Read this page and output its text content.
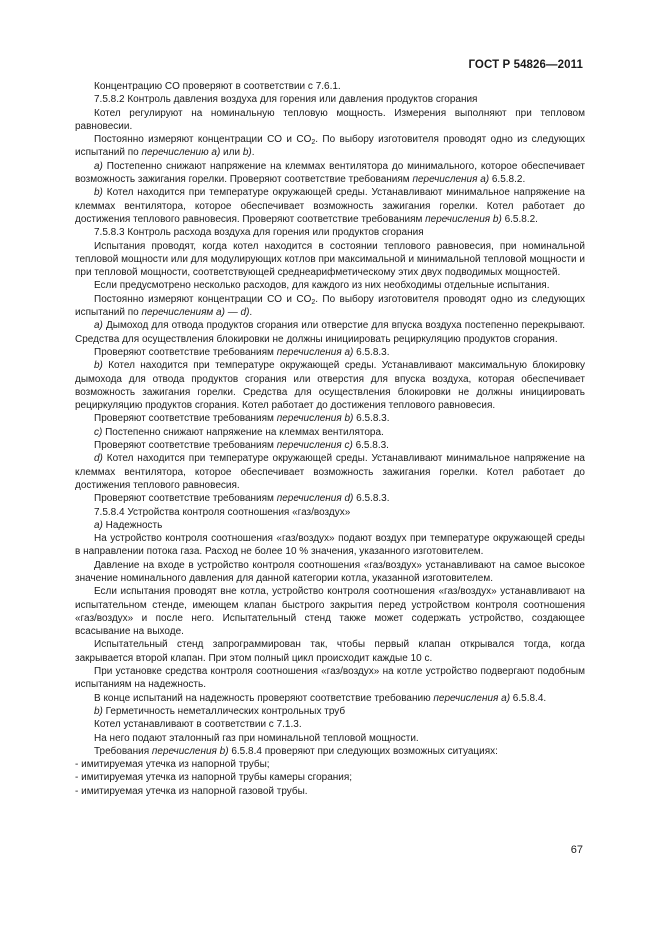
ГОСТ Р 54826—2011

Концентрацию CO проверяют в соответствии с 7.6.1.

7.5.8.2 Контроль давления воздуха для горения или давления продуктов сгорания

Котел регулируют на номинальную тепловую мощность. Измерения выполняют при тепловом равновесии.

Постоянно измеряют концентрации CO и $CO_2$. По выбору изготовителя проводят одно из следующих испытаний по перечислению а) или b).

а) Постепенно снижают напряжение на клеммах вентилятора до минимального, которое обеспечивает возможность зажигания горелки. Проверяют соответствие требованиям перечисления а) 6.5.8.2.

b) Котел находится при температуре окружающей среды. Устанавливают минимальное напряжение на клеммах вентилятора, которое обеспечивает возможность зажигания горелки. Котел работает до достижения теплового равновесия. Проверяют соответствие требованиям перечисления b) 6.5.8.2.

7.5.8.3 Контроль расхода воздуха для горения или продуктов сгорания

Испытания проводят, когда котел находится в состоянии теплового равновесия, при номинальной тепловой мощности или для модулирующих котлов при максимальной и минимальной тепловой мощности и при тепловой мощности, соответствующей среднеарифметическому этих двух подводимых мощностей.

Если предусмотрено несколько расходов, для каждого из них необходимы отдельные испытания.

Постоянно измеряют концентрации CO и $CO_2$. По выбору изготовителя проводят одно из следующих испытаний по перечислениям а) — d).

а) Дымоход для отвода продуктов сгорания или отверстие для впуска воздуха постепенно перекрывают. Средства для осуществления блокировки не должны инициировать рециркуляцию продуктов сгорания.

Проверяют соответствие требованиям перечисления а) 6.5.8.3.

b) Котел находится при температуре окружающей среды. Устанавливают максимальную блокировку дымохода для отвода продуктов сгорания или отверстия для впуска воздуха, которая обеспечивает возможность зажигания горелки. Средства для осуществления блокировки не должны инициировать рециркуляцию продуктов сгорания. Котел работает до достижения теплового равновесия.

Проверяют соответствие требованиям перечисления b) 6.5.8.3.

c) Постепенно снижают напряжение на клеммах вентилятора.

Проверяют соответствие требованиям перечисления c) 6.5.8.3.

d) Котел находится при температуре окружающей среды. Устанавливают минимальное напряжение на клеммах вентилятора, которое обеспечивает возможность зажигания горелки. Котел работает до достижения теплового равновесия.

Проверяют соответствие требованиям перечисления d) 6.5.8.3.

7.5.8.4 Устройства контроля соотношения «газ/воздух»

а) Надежность

На устройство контроля соотношения «газ/воздух» подают воздух при температуре окружающей среды в направлении потока газа. Расход не более 10 % значения, указанного изготовителем.

Давление на входе в устройство контроля соотношения «газ/воздух» устанавливают на самое высокое значение номинального давления для данной категории котла, указанной изготовителем.

Если испытания проводят вне котла, устройство контроля соотношения «газ/воздух» устанавливают на испытательном стенде, имеющем клапан быстрого закрытия перед устройством контроля соотношения «газ/воздух» и после него. Испытательный стенд также может содержать устройство, создающее всасывание на выходе.

Испытательный стенд запрограммирован так, чтобы первый клапан открывался тогда, когда закрывается второй клапан. При этом полный цикл происходит каждые 10 с.

При установке средства контроля соотношения «газ/воздух» на котле устройство подвергают подобным испытаниям на надежность.

В конце испытаний на надежность проверяют соответствие требованию перечисления а) 6.5.8.4.

b) Герметичность неметаллических контрольных труб

Котел устанавливают в соответствии с 7.1.3.

На него подают эталонный газ при номинальной тепловой мощности.

Требования перечисления b) 6.5.8.4 проверяют при следующих возможных ситуациях:

- имитируемая утечка из напорной трубы;

- имитируемая утечка из напорной трубы камеры сгорания;

- имитируемая утечка из напорной газовой трубы.

67
